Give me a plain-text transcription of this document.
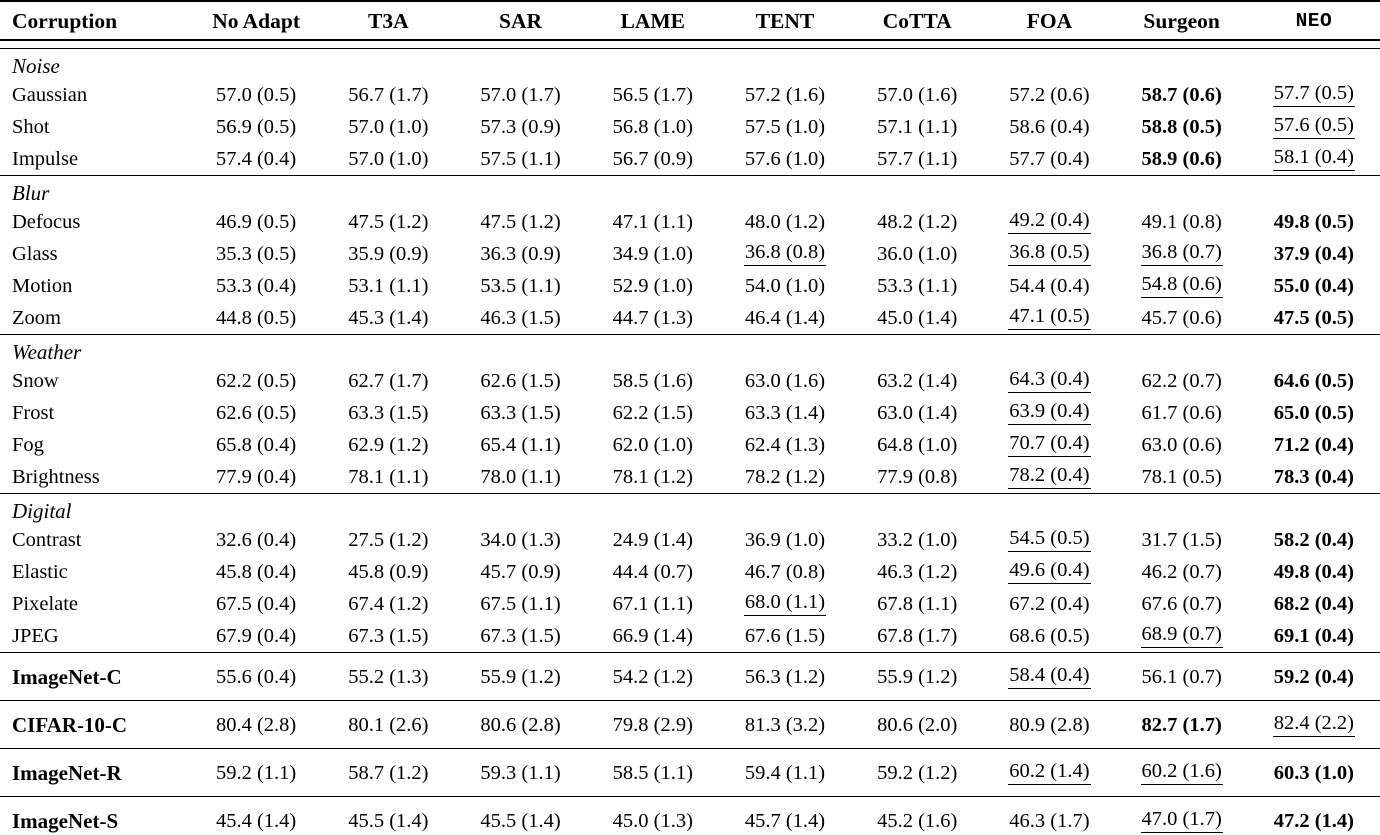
Corruption	No Adapt	T3A	SAR	LAME	TENT	CoTTA	FOA	Surgeon	NEO

Noise									
Gaussian	57.0 (0.5)	56.7 (1.7)	57.0 (1.7)	56.5 (1.7)	57.2 (1.6)	57.0 (1.6)	57.2 (0.6)	58.7 (0.6)	57.7 (0.5)
Shot	56.9 (0.5)	57.0 (1.0)	57.3 (0.9)	56.8 (1.0)	57.5 (1.0)	57.1 (1.1)	58.6 (0.4)	58.8 (0.5)	57.6 (0.5)
Impulse	57.4 (0.4)	57.0 (1.0)	57.5 (1.1)	56.7 (0.9)	57.6 (1.0)	57.7 (1.1)	57.7 (0.4)	58.9 (0.6)	58.1 (0.4)
Blur									
Defocus	46.9 (0.5)	47.5 (1.2)	47.5 (1.2)	47.1 (1.1)	48.0 (1.2)	48.2 (1.2)	49.2 (0.4)	49.1 (0.8)	49.8 (0.5)
Glass	35.3 (0.5)	35.9 (0.9)	36.3 (0.9)	34.9 (1.0)	36.8 (0.8)	36.0 (1.0)	36.8 (0.5)	36.8 (0.7)	37.9 (0.4)
Motion	53.3 (0.4)	53.1 (1.1)	53.5 (1.1)	52.9 (1.0)	54.0 (1.0)	53.3 (1.1)	54.4 (0.4)	54.8 (0.6)	55.0 (0.4)
Zoom	44.8 (0.5)	45.3 (1.4)	46.3 (1.5)	44.7 (1.3)	46.4 (1.4)	45.0 (1.4)	47.1 (0.5)	45.7 (0.6)	47.5 (0.5)
Weather									
Snow	62.2 (0.5)	62.7 (1.7)	62.6 (1.5)	58.5 (1.6)	63.0 (1.6)	63.2 (1.4)	64.3 (0.4)	62.2 (0.7)	64.6 (0.5)
Frost	62.6 (0.5)	63.3 (1.5)	63.3 (1.5)	62.2 (1.5)	63.3 (1.4)	63.0 (1.4)	63.9 (0.4)	61.7 (0.6)	65.0 (0.5)
Fog	65.8 (0.4)	62.9 (1.2)	65.4 (1.1)	62.0 (1.0)	62.4 (1.3)	64.8 (1.0)	70.7 (0.4)	63.0 (0.6)	71.2 (0.4)
Brightness	77.9 (0.4)	78.1 (1.1)	78.0 (1.1)	78.1 (1.2)	78.2 (1.2)	77.9 (0.8)	78.2 (0.4)	78.1 (0.5)	78.3 (0.4)
Digital									
Contrast	32.6 (0.4)	27.5 (1.2)	34.0 (1.3)	24.9 (1.4)	36.9 (1.0)	33.2 (1.0)	54.5 (0.5)	31.7 (1.5)	58.2 (0.4)
Elastic	45.8 (0.4)	45.8 (0.9)	45.7 (0.9)	44.4 (0.7)	46.7 (0.8)	46.3 (1.2)	49.6 (0.4)	46.2 (0.7)	49.8 (0.4)
Pixelate	67.5 (0.4)	67.4 (1.2)	67.5 (1.1)	67.1 (1.1)	68.0 (1.1)	67.8 (1.1)	67.2 (0.4)	67.6 (0.7)	68.2 (0.4)
JPEG	67.9 (0.4)	67.3 (1.5)	67.3 (1.5)	66.9 (1.4)	67.6 (1.5)	67.8 (1.7)	68.6 (0.5)	68.9 (0.7)	69.1 (0.4)
ImageNet-C	55.6 (0.4)	55.2 (1.3)	55.9 (1.2)	54.2 (1.2)	56.3 (1.2)	55.9 (1.2)	58.4 (0.4)	56.1 (0.7)	59.2 (0.4)
CIFAR-10-C	80.4 (2.8)	80.1 (2.6)	80.6 (2.8)	79.8 (2.9)	81.3 (3.2)	80.6 (2.0)	80.9 (2.8)	82.7 (1.7)	82.4 (2.2)
ImageNet-R	59.2 (1.1)	58.7 (1.2)	59.3 (1.1)	58.5 (1.1)	59.4 (1.1)	59.2 (1.2)	60.2 (1.4)	60.2 (1.6)	60.3 (1.0)
ImageNet-S	45.4 (1.4)	45.5 (1.4)	45.5 (1.4)	45.0 (1.3)	45.7 (1.4)	45.2 (1.6)	46.3 (1.7)	47.0 (1.7)	47.2 (1.4)
